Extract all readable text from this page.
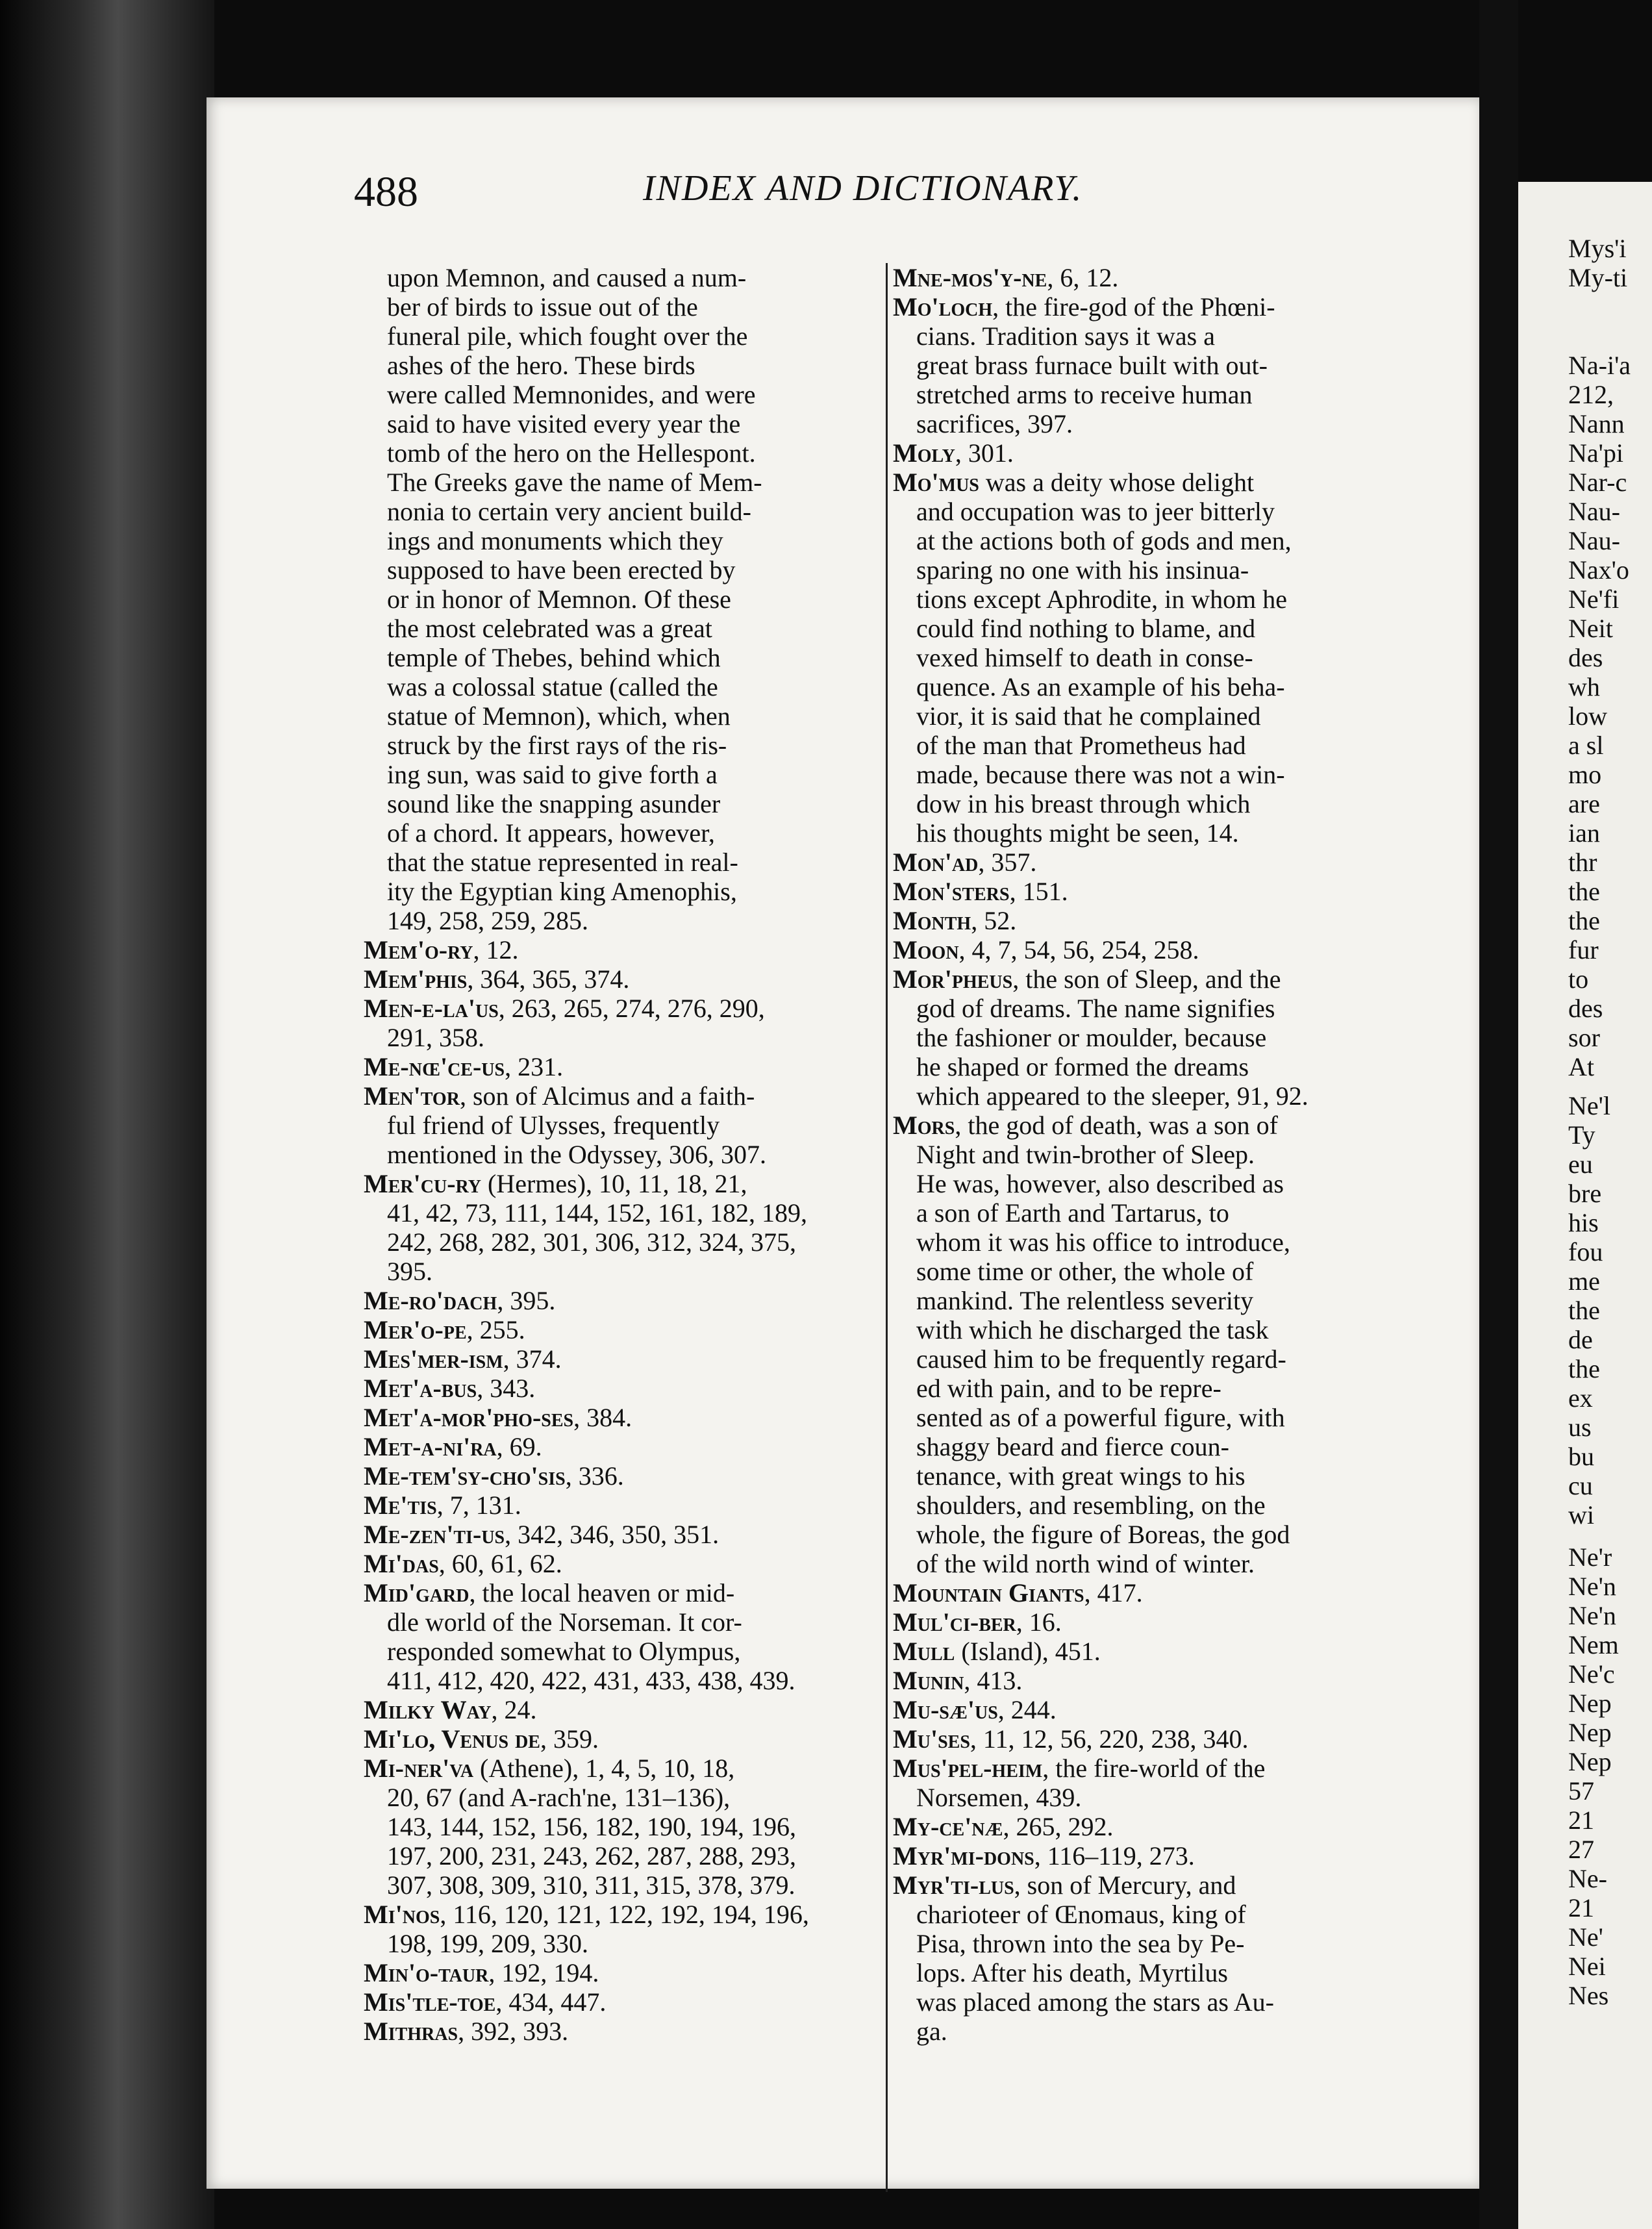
488	INDEX AND DICTIONARY.
upon Memnon, and caused a num-
ber of birds to issue out of the
funeral pile, which fought over the
ashes of the hero. These birds
were called Memnonides, and were
said to have visited every year the
tomb of the hero on the Hellespont.
The Greeks gave the name of Mem-
nonia to certain very ancient build-
ings and monuments which they
supposed to have been erected by
or in honor of Memnon. Of these
the most celebrated was a great
temple of Thebes, behind which
was a colossal statue (called the
statue of Memnon), which, when
struck by the first rays of the ris-
ing sun, was said to give forth a
sound like the snapping asunder
of a chord. It appears, however,
that the statue represented in real-
ity the Egyptian king Amenophis,
149, 258, 259, 285.
Mem'o-ry, 12.
Mem'phis, 364, 365, 374.
Men-e-la'us, 263, 265, 274, 276, 290,
291, 358.
Me-nœ'ce-us, 231.
Men'tor, son of Alcimus and a faith-
ful friend of Ulysses, frequently
mentioned in the Odyssey, 306, 307.
Mer'cu-ry (Hermes), 10, 11, 18, 21,
41, 42, 73, 111, 144, 152, 161, 182, 189,
242, 268, 282, 301, 306, 312, 324, 375,
395.
Me-ro'dach, 395.
Mer'o-pe, 255.
Mes'mer-ism, 374.
Met'a-bus, 343.
Met'a-mor'pho-ses, 384.
Met-a-ni'ra, 69.
Me-tem'sy-cho'sis, 336.
Me'tis, 7, 131.
Me-zen'ti-us, 342, 346, 350, 351.
Mi'das, 60, 61, 62.
Mid'gard, the local heaven or mid-
dle world of the Norseman. It cor-
responded somewhat to Olympus,
411, 412, 420, 422, 431, 433, 438, 439.
Milky Way, 24.
Mi'lo, Venus de, 359.
Mi-ner'va (Athene), 1, 4, 5, 10, 18,
20, 67 (and A-rach'ne, 131–136),
143, 144, 152, 156, 182, 190, 194, 196,
197, 200, 231, 243, 262, 287, 288, 293,
307, 308, 309, 310, 311, 315, 378, 379.
Mi'nos, 116, 120, 121, 122, 192, 194, 196,
198, 199, 209, 330.
Min'o-taur, 192, 194.
Mis'tle-toe, 434, 447.
Mithras, 392, 393.
Mne-mos'y-ne, 6, 12.
Mo'loch, the fire-god of the Phœni-
cians. Tradition says it was a
great brass furnace built with out-
stretched arms to receive human
sacrifices, 397.
Moly, 301.
Mo'mus was a deity whose delight
and occupation was to jeer bitterly
at the actions both of gods and men,
sparing no one with his insinua-
tions except Aphrodite, in whom he
could find nothing to blame, and
vexed himself to death in conse-
quence. As an example of his beha-
vior, it is said that he complained
of the man that Prometheus had
made, because there was not a win-
dow in his breast through which
his thoughts might be seen, 14.
Mon'ad, 357.
Mon'sters, 151.
Month, 52.
Moon, 4, 7, 54, 56, 254, 258.
Mor'pheus, the son of Sleep, and the
god of dreams. The name signifies
the fashioner or moulder, because
he shaped or formed the dreams
which appeared to the sleeper, 91, 92.
Mors, the god of death, was a son of
Night and twin-brother of Sleep.
He was, however, also described as
a son of Earth and Tartarus, to
whom it was his office to introduce,
some time or other, the whole of
mankind. The relentless severity
with which he discharged the task
caused him to be frequently regard-
ed with pain, and to be repre-
sented as of a powerful figure, with
shaggy beard and fierce coun-
tenance, with great wings to his
shoulders, and resembling, on the
whole, the figure of Boreas, the god
of the wild north wind of winter.
Mountain Giants, 417.
Mul'ci-ber, 16.
Mull (Island), 451.
Munin, 413.
Mu-sæ'us, 244.
Mu'ses, 11, 12, 56, 220, 238, 340.
Mus'pel-heim, the fire-world of the
Norsemen, 439.
My-ce'næ, 265, 292.
Myr'mi-dons, 116–119, 273.
Myr'ti-lus, son of Mercury, and
charioteer of Œnomaus, king of
Pisa, thrown into the sea by Pe-
lops. After his death, Myrtilus
was placed among the stars as Au-
ga.
Mys'i
My-ti
Na-i'a
212,
Nann
Na'pi
Nar-c
Nau-
Nau-
Nax'o
Ne'fi
Neit
des
wh
low
a sl
mo
are
ian
thr
the
the
fur
to
des
sor
At
Ne'l
Ty
eu
bre
his
fou
me
the
de
the
ex
us
bu
cu
wi
Ne'r
Ne'n
Ne'n
Nem
Ne'c
Nep
Nep
Nep
57
21
27
Ne-
21
Ne'
Nei
Nes
